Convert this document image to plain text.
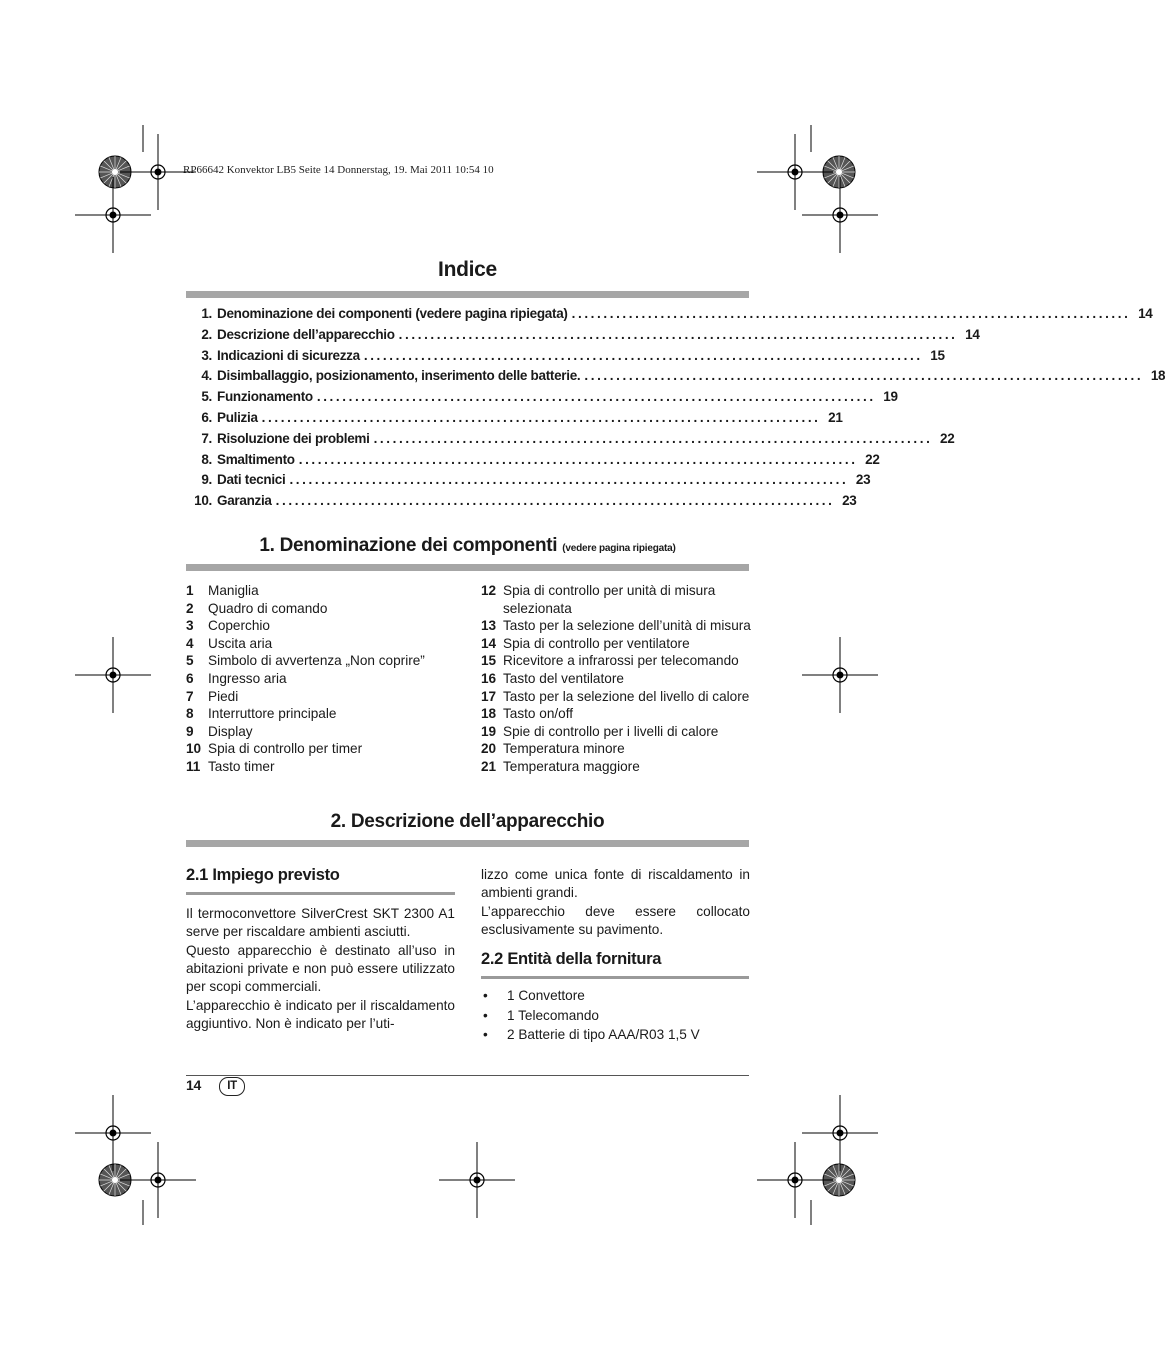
RP66642 Konvektor LB5 Seite 14 Donnerstag, 19. Mai 2011 10:54 10
Indice
1. Denominazione dei componenti (vedere pagina ripiegata) ........................................................................................ 14
2. Descrizione dell’apparecchio ........................................................................................ 14
3. Indicazioni di sicurezza ........................................................................................ 15
4. Disimballaggio, posizionamento, inserimento delle batterie. ........................................................................................ 18
5. Funzionamento ........................................................................................ 19
6. Pulizia ........................................................................................ 21
7. Risoluzione dei problemi ........................................................................................ 22
8. Smaltimento ........................................................................................ 22
9. Dati tecnici ........................................................................................ 23
10. Garanzia ........................................................................................ 23
1. Denominazione dei componenti (vedere pagina ripiegata)
1	Maniglia
2	Quadro di comando
3	Coperchio
4	Uscita aria
5	Simbolo di avvertenza „Non coprire”
6	Ingresso aria
7	Piedi
8	Interruttore principale
9	Display
10 Spia di controllo per timer
11 Tasto timer
12 Spia di controllo per unità di misura selezionata
13 Tasto per la selezione dell’unità di misura
14 Spia di controllo per ventilatore
15 Ricevitore a infrarossi per telecomando
16 Tasto del ventilatore
17 Tasto per la selezione del livello di calore
18 Tasto on/off
19 Spie di controllo per i livelli di calore
20 Temperatura minore
21 Temperatura maggiore
2. Descrizione dell’apparecchio
2.1 Impiego previsto

Il termoconvettore SilverCrest SKT 2300 A1 serve per riscaldare ambienti asciutti.

Questo apparecchio è destinato all’uso in abitazioni private e non può essere utilizzato per scopi commerciali.

L’apparecchio è indicato per il riscaldamento aggiuntivo. Non è indicato per l’uti-

lizzo come unica fonte di riscaldamento in ambienti grandi.

L’apparecchio deve essere collocato esclusivamente su pavimento.

2.2 Entità della fornitura
•	1 Convettore
•	1 Telecomando
•	2 Batterie di tipo AAA/R03 1,5 V
14	IT
